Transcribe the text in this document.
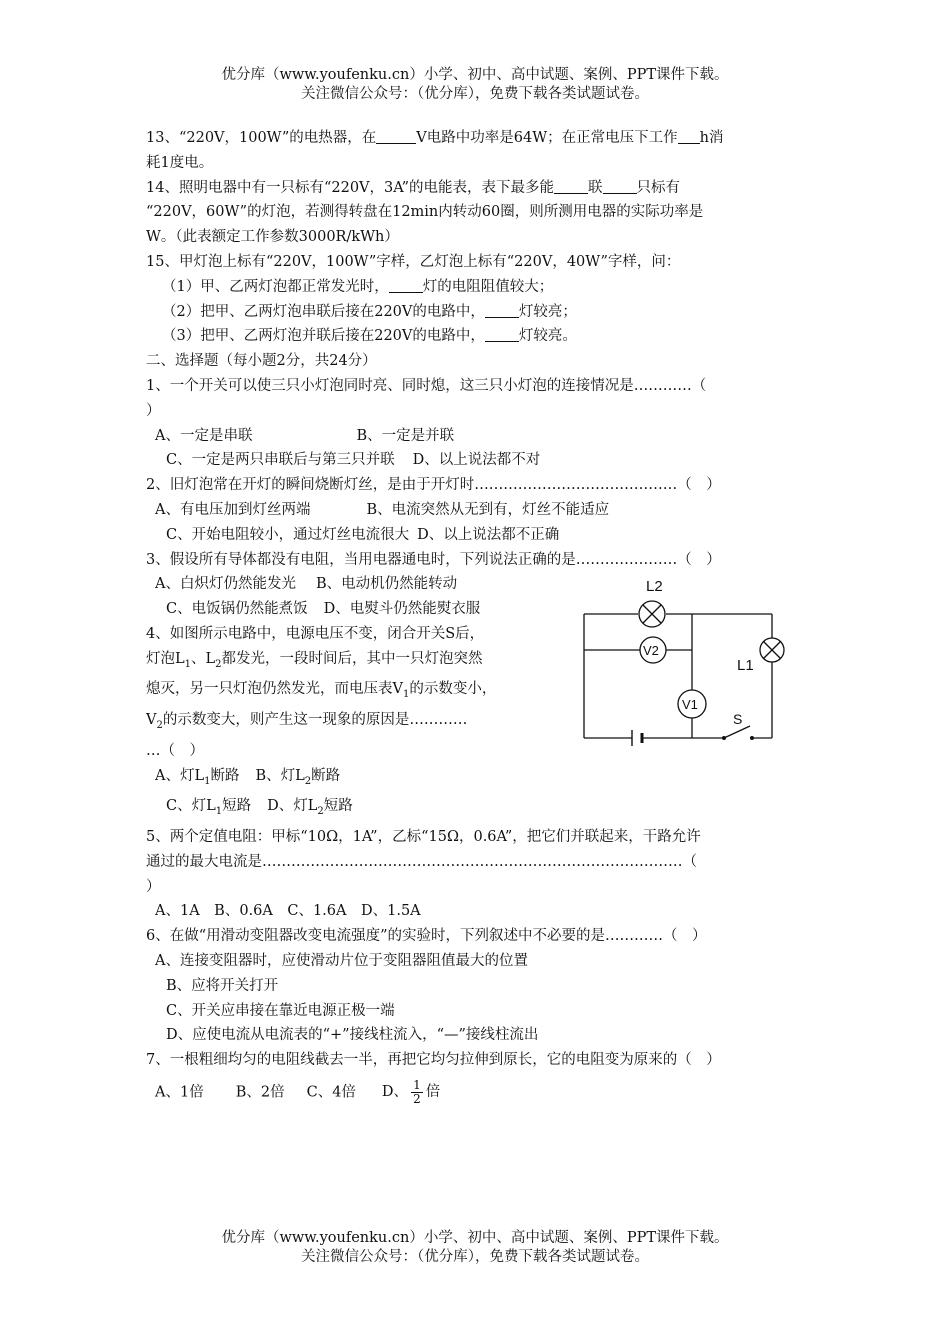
优分库（www.youfenku.cn）小学、初中、高中试题、案例、PPT课件下载。
关注微信公众号：（优分库），免费下载各类试题试卷。
13、“220V，100W”的电热器，在	V电路中功率是64W；在正常电压下工作 h消
耗1度电。
14、照明电器中有一只标有“220V，3A”的电能表，表下最多能 联 只标有
“220V，60W”的灯泡，若测得转盘在12min内转动60圈，则所测用电器的实际功率是
W。（此表额定工作参数3000R/kWh）
15、甲灯泡上标有“220V，100W”字样，乙灯泡上标有“220V，40W”字样，问：
（1）甲、乙两灯泡都正常发光时， 灯的电阻阻值较大；
（2）把甲、乙两灯泡串联后接在220V的电路中， 灯较亮；
（3）把甲、乙两灯泡并联后接在220V的电路中， 灯较亮。
二、选择题（每小题2分，共24分）
1、一个开关可以使三只小灯泡同时亮、同时熄，这三只小灯泡的连接情况是…………（
）
A、一定是串联	B、一定是并联
C、一定是两只串联后与第三只并联 D、以上说法都不对
2、旧灯泡常在开灯的瞬间烧断灯丝，是由于开灯时……………………………………（　）
A、有电压加到灯丝两端	B、电流突然从无到有，灯丝不能适应
C、开始电阻较小，通过灯丝电流很大 D、以上说法都不正确
3、假设所有导体都没有电阻，当用电器通电时，下列说法正确的是…………………（　）
A、白炽灯仍然能发光 B、电动机仍然能转动
C、电饭锅仍然能煮饭 D、电熨斗仍然能熨衣服
4、如图所示电路中，电源电压不变，闭合开关S后，
灯泡$L_1$、$L_2$都发光，一段时间后，其中一只灯泡突然
熄灭，另一只灯泡仍然发光，而电压表$V_1$的示数变小，
$V_2$的示数变大，则产生这一现象的原因是…………
…（　）
A、灯$L_1$断路 B、灯$L_2$断路
C、灯$L_1$短路 D、灯$L_2$短路
5、两个定值电阻：甲标“10Ω，1A”，乙标“15Ω，0.6A”，把它们并联起来，干路允许
通过的最大电流是……………………………………………………………………………（
）
A、1A　B、0.6A　C、1.6A　D、1.5A
6、在做“用滑动变阻器改变电流强度”的实验时，下列叙述中不必要的是…………（　）
A、连接变阻器时，应使滑动片位于变阻器阻值最大的位置
B、应将开关打开
C、开关应串接在靠近电源正极一端
D、应使电流从电流表的“+”接线柱流入，“—”接线柱流出
7、一根粗细均匀的电阻线截去一半，再把它均匀拉伸到原长，它的电阻变为原来的（　）
A、1倍 B、2倍 C、4倍 D、 $\frac{1}{2}$ 倍
L2
L1
V2
V1
S
优分库（www.youfenku.cn）小学、初中、高中试题、案例、PPT课件下载。
关注微信公众号：（优分库），免费下载各类试题试卷。
